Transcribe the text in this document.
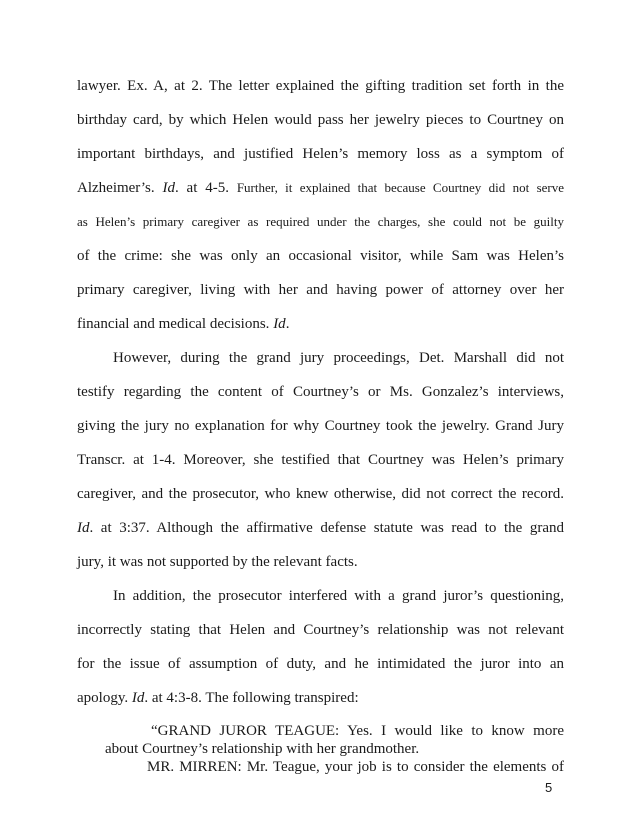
lawyer. Ex. A, at 2. The letter explained the gifting tradition set forth in the
birthday card, by which Helen would pass her jewelry pieces to Courtney on
important birthdays, and justified Helen’s memory loss as a symptom of
Alzheimer’s. Id. at 4-5. Further, it explained that because Courtney did not serve
as Helen’s primary caregiver as required under the charges, she could not be guilty
of the crime: she was only an occasional visitor, while Sam was Helen’s
primary caregiver, living with her and having power of attorney over her
financial and medical decisions. Id.
However, during the grand jury proceedings, Det. Marshall did not
testify regarding the content of Courtney’s or Ms. Gonzalez’s interviews,
giving the jury no explanation for why Courtney took the jewelry. Grand Jury
Transcr. at 1-4. Moreover, she testified that Courtney was Helen’s primary
caregiver, and the prosecutor, who knew otherwise, did not correct the record.
Id. at 3:37. Although the affirmative defense statute was read to the grand
jury, it was not supported by the relevant facts.
In addition, the prosecutor interfered with a grand juror’s questioning,
incorrectly stating that Helen and Courtney’s relationship was not relevant
for the issue of assumption of duty, and he intimidated the juror into an
apology. Id. at 4:3-8. The following transpired:
“GRAND JUROR TEAGUE: Yes. I would like to know more
about Courtney’s relationship with her grandmother.
MR. MIRREN: Mr. Teague, your job is to consider the elements of
5
